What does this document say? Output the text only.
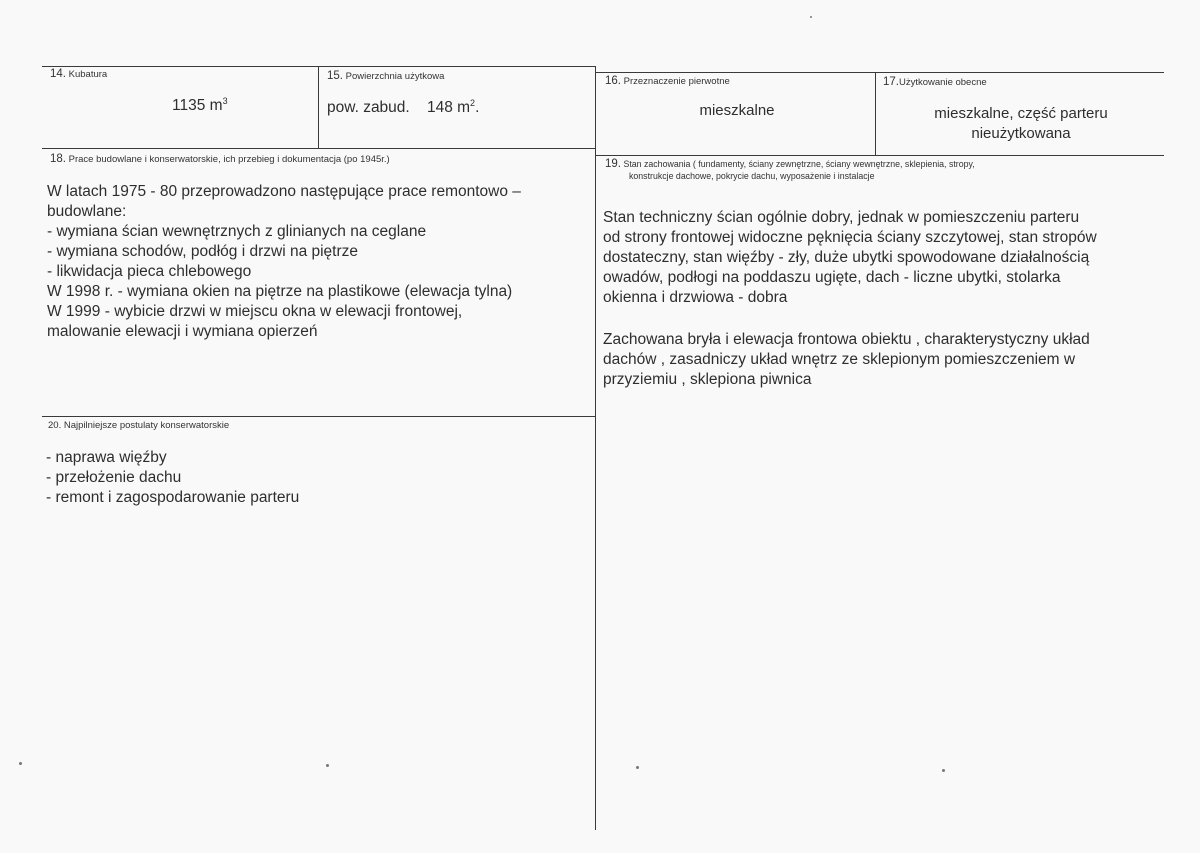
14. Kubatura
1135 $m^3$
15. Powierzchnia użytkowa
pow. zabud.    148 $m^2$.
16. Przeznaczenie pierwotne
mieszkalne
17.Użytkowanie obecne
mieszkalne, część parteru
nieużytkowana
18. Prace budowlane i konserwatorskie, ich przebieg i dokumentacja (po 1945r.)
W latach 1975 - 80 przeprowadzono następujące prace remontowo –
budowlane:
- wymiana ścian wewnętrznych z glinianych na ceglane
- wymiana schodów, podłóg i drzwi na piętrze
- likwidacja pieca chlebowego
W 1998 r. - wymiana okien na piętrze na plastikowe (elewacja tylna)
W 1999 - wybicie drzwi w miejscu okna w elewacji frontowej,
malowanie elewacji i wymiana opierzeń
19. Stan zachowania ( fundamenty, ściany zewnętrzne, ściany wewnętrzne, sklepienia, stropy,
konstrukcje dachowe, pokrycie dachu, wyposażenie i instalacje
Stan techniczny ścian ogólnie dobry, jednak w pomieszczeniu parteru
od strony frontowej widoczne pęknięcia ściany szczytowej, stan stropów
dostateczny, stan więźby - zły, duże ubytki spowodowane działalnością
owadów, podłogi na poddaszu ugięte, dach - liczne ubytki, stolarka
okienna i drzwiowa - dobra
Zachowana bryła i elewacja frontowa obiektu , charakterystyczny układ
dachów , zasadniczy układ wnętrz ze sklepionym pomieszczeniem w
przyziemiu , sklepiona piwnica
20. Najpilniejsze postulaty konserwatorskie
- naprawa więźby
- przełożenie dachu
- remont i zagospodarowanie parteru
